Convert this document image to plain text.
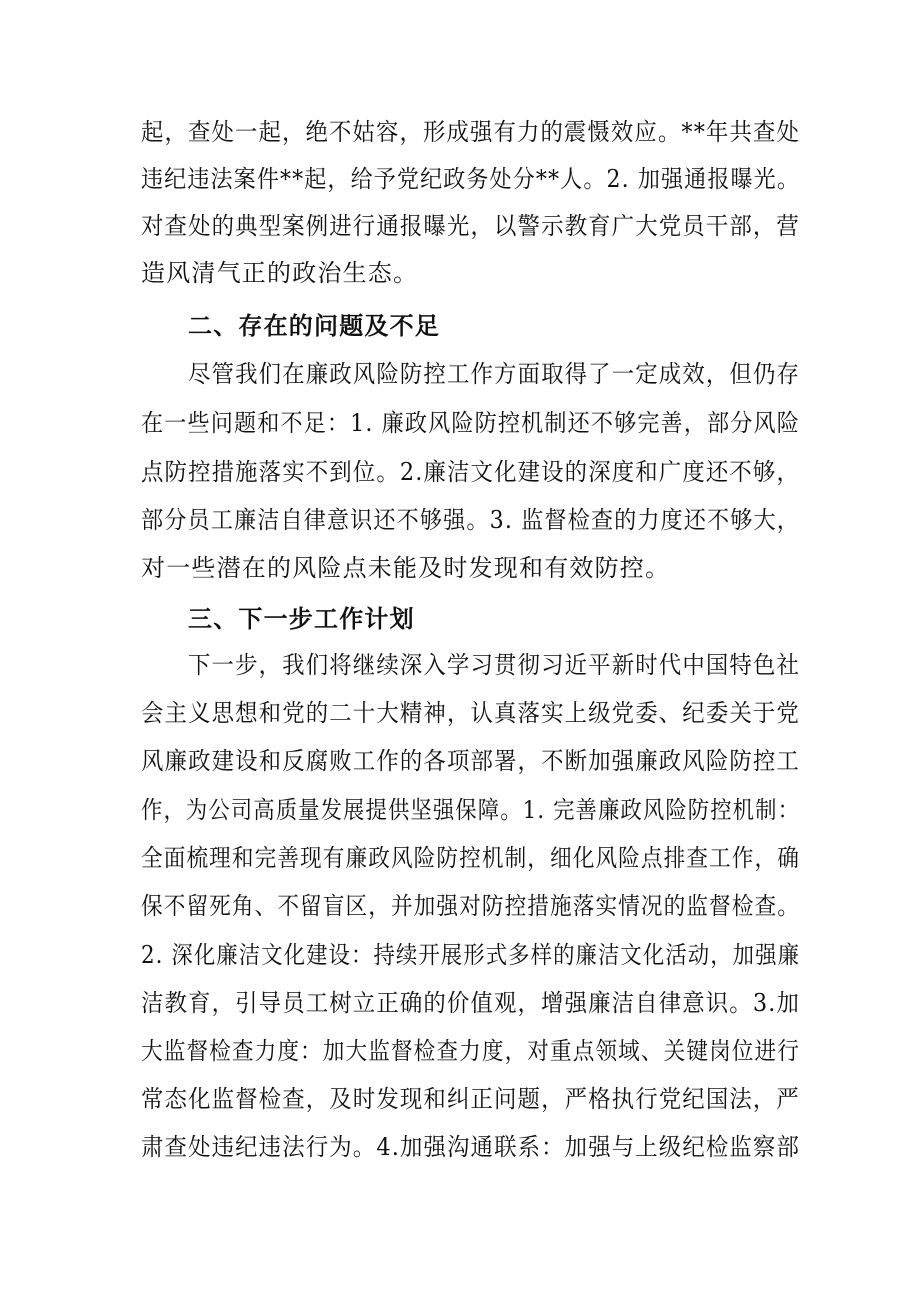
起，查处一起，绝不姑容，形成强有力的震慑效应。**年共查处
违纪违法案件**起，给予党纪政务处分**人。2. 加强通报曝光。
对查处的典型案例进行通报曝光，以警示教育广大党员干部，营
造风清气正的政治生态。
二、存在的问题及不足
尽管我们在廉政风险防控工作方面取得了一定成效，但仍存
在一些问题和不足：1. 廉政风险防控机制还不够完善，部分风险
点防控措施落实不到位。2.廉洁文化建设的深度和广度还不够，
部分员工廉洁自律意识还不够强。3. 监督检查的力度还不够大，
对一些潜在的风险点未能及时发现和有效防控。
三、下一步工作计划
下一步，我们将继续深入学习贯彻习近平新时代中国特色社
会主义思想和党的二十大精神，认真落实上级党委、纪委关于党
风廉政建设和反腐败工作的各项部署，不断加强廉政风险防控工
作，为公司高质量发展提供坚强保障。1. 完善廉政风险防控机制：
全面梳理和完善现有廉政风险防控机制，细化风险点排查工作，确
保不留死角、不留盲区，并加强对防控措施落实情况的监督检查。
2. 深化廉洁文化建设：持续开展形式多样的廉洁文化活动，加强廉
洁教育，引导员工树立正确的价值观，增强廉洁自律意识。3.加
大监督检查力度：加大监督检查力度，对重点领域、关键岗位进行
常态化监督检查，及时发现和纠正问题，严格执行党纪国法，严
肃查处违纪违法行为。4.加强沟通联系：加强与上级纪检监察部
